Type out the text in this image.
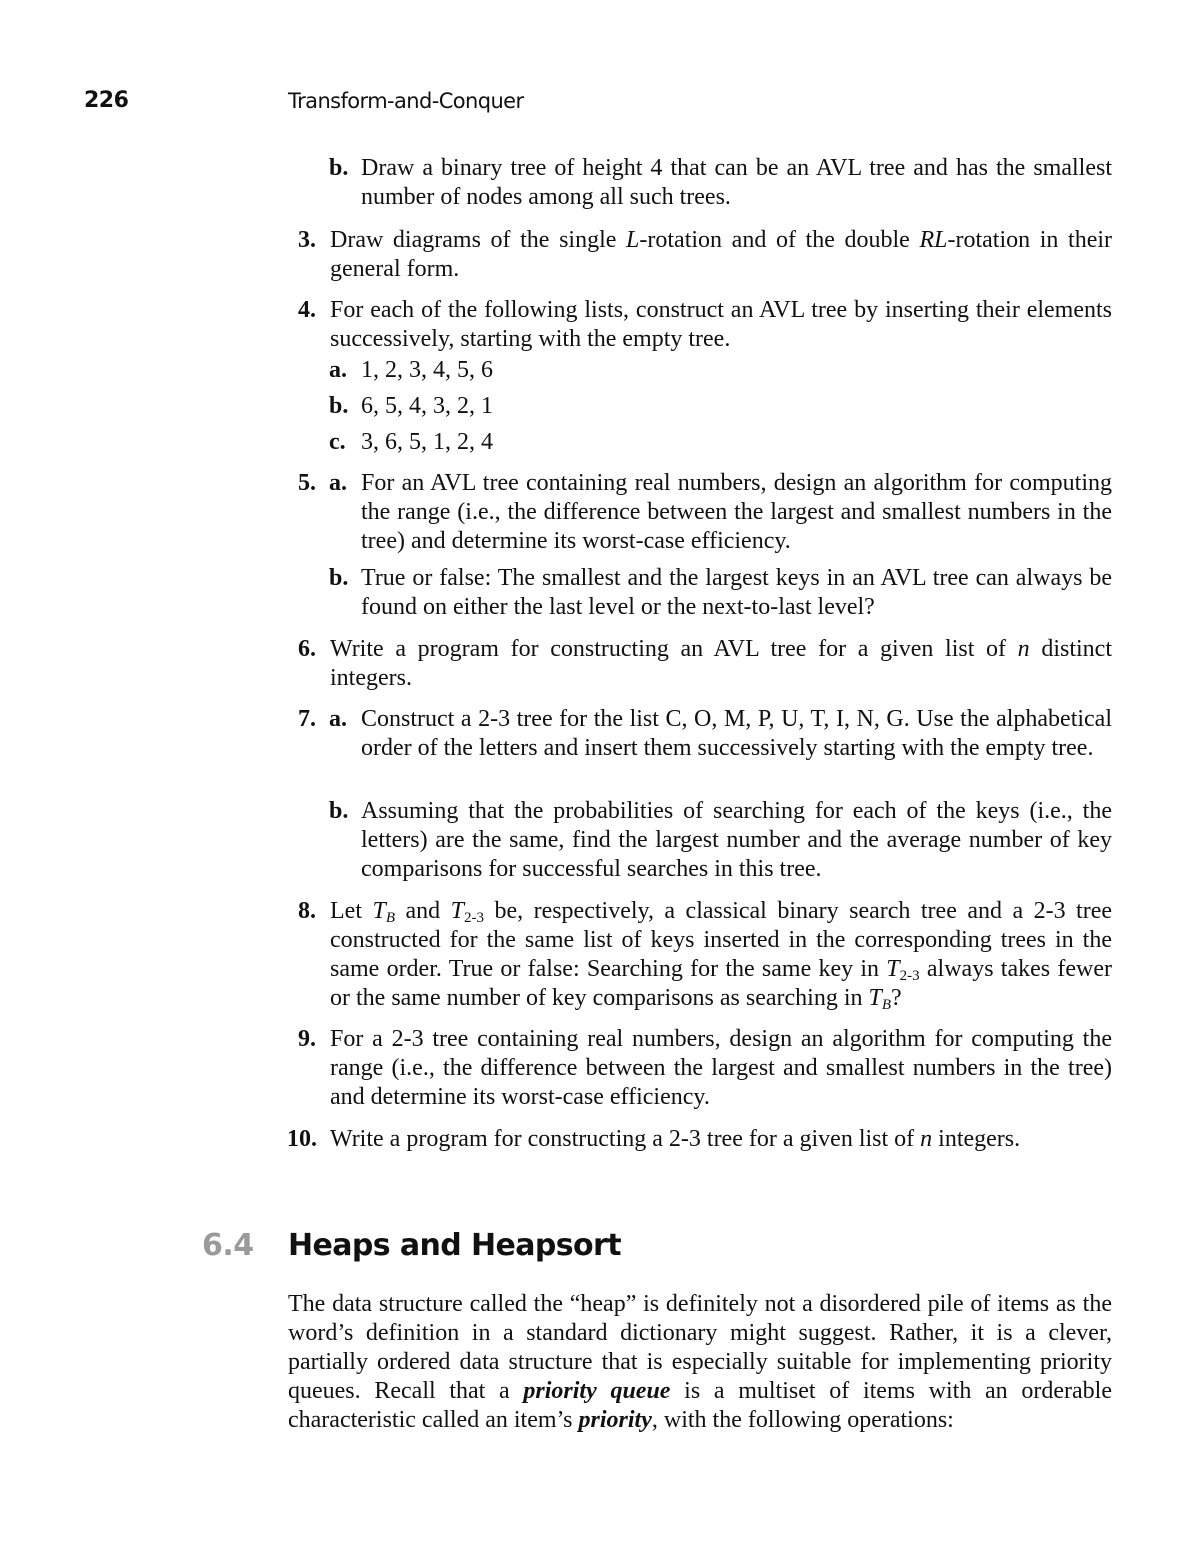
226	Transform-and-Conquer
b. Draw a binary tree of height 4 that can be an AVL tree and has the smallest number of nodes among all such trees.
3. Draw diagrams of the single L-rotation and of the double RL-rotation in their general form.
4. For each of the following lists, construct an AVL tree by inserting their elements successively, starting with the empty tree.
a. 1, 2, 3, 4, 5, 6
b. 6, 5, 4, 3, 2, 1
c. 3, 6, 5, 1, 2, 4
5. a. For an AVL tree containing real numbers, design an algorithm for computing the range (i.e., the difference between the largest and smallest numbers in the tree) and determine its worst-case efficiency.
b. True or false: The smallest and the largest keys in an AVL tree can always be found on either the last level or the next-to-last level?
6. Write a program for constructing an AVL tree for a given list of n distinct integers.
7. a. Construct a 2-3 tree for the list C, O, M, P, U, T, I, N, G. Use the alphabetical order of the letters and insert them successively starting with the empty tree.
b. Assuming that the probabilities of searching for each of the keys (i.e., the letters) are the same, find the largest number and the average number of key comparisons for successful searches in this tree.
8. Let $T_B$ and $T_{2-3}$ be, respectively, a classical binary search tree and a 2-3 tree constructed for the same list of keys inserted in the corresponding trees in the same order. True or false: Searching for the same key in $T_{2-3}$ always takes fewer or the same number of key comparisons as searching in $T_B$?
9. For a 2-3 tree containing real numbers, design an algorithm for computing the range (i.e., the difference between the largest and smallest numbers in the tree) and determine its worst-case efficiency.
10. Write a program for constructing a 2-3 tree for a given list of n integers.
6.4 Heaps and Heapsort
The data structure called the “heap” is definitely not a disordered pile of items as the word’s definition in a standard dictionary might suggest. Rather, it is a clever, partially ordered data structure that is especially suitable for implementing priority queues. Recall that a priority queue is a multiset of items with an orderable characteristic called an item’s priority, with the following operations:
